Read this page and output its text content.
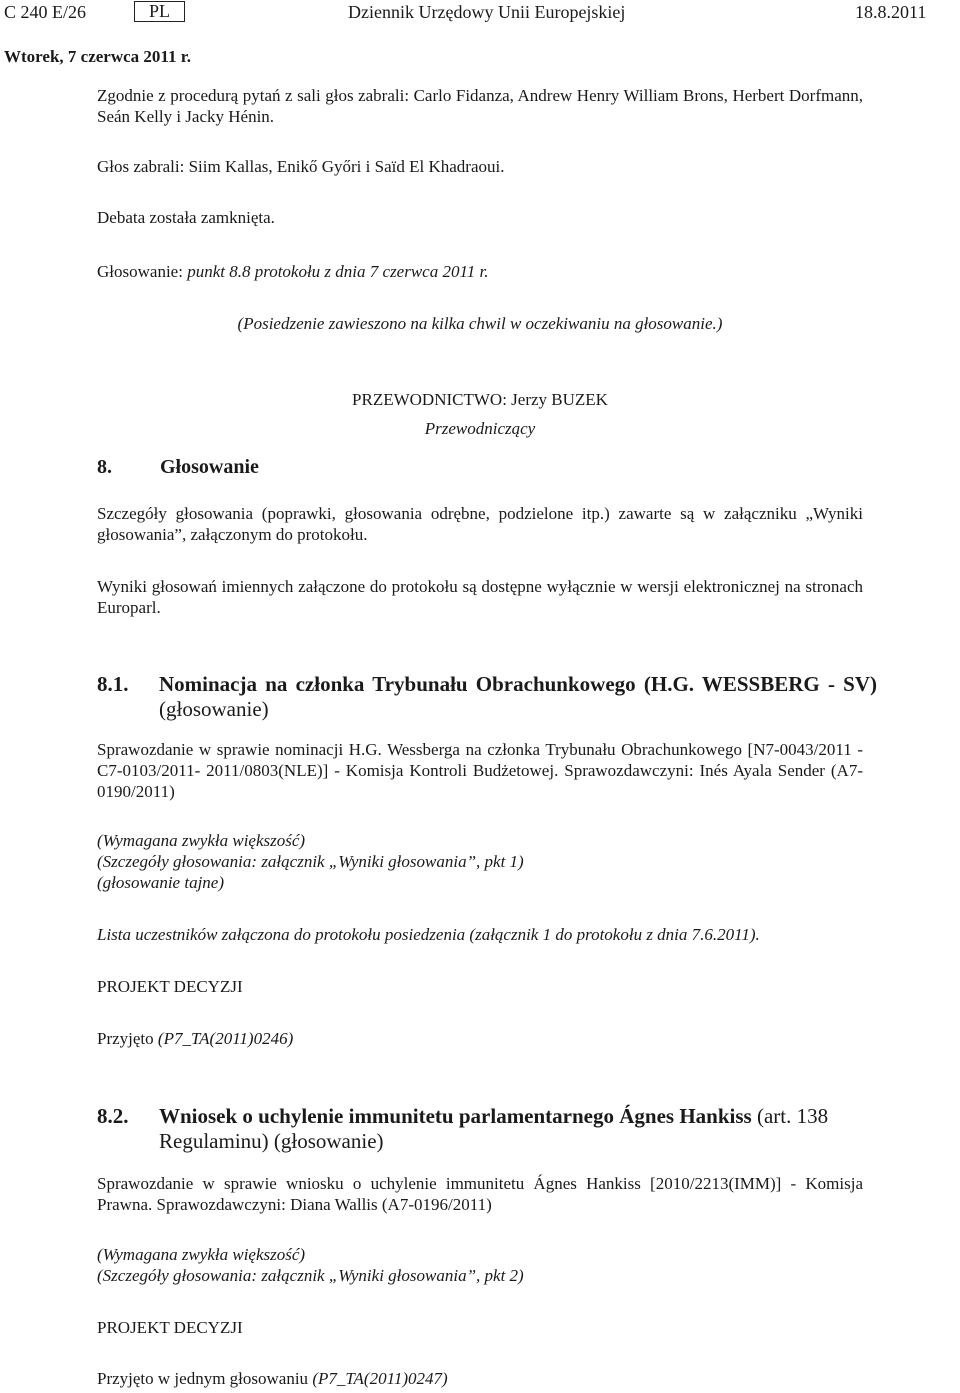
C 240 E/26	PL	Dziennik Urzędowy Unii Europejskiej	18.8.2011
Wtorek, 7 czerwca 2011 r.
Zgodnie z procedurą pytań z sali głos zabrali: Carlo Fidanza, Andrew Henry William Brons, Herbert Dorfmann, Seán Kelly i Jacky Hénin.
Głos zabrali: Siim Kallas, Enikő Győri i Saïd El Khadraoui.
Debata została zamknięta.
Głosowanie: punkt 8.8 protokołu z dnia 7 czerwca 2011 r.
(Posiedzenie zawieszono na kilka chwil w oczekiwaniu na głosowanie.)
PRZEWODNICTWO: Jerzy BUZEK
Przewodniczący
8. Głosowanie
Szczegóły głosowania (poprawki, głosowania odrębne, podzielone itp.) zawarte są w załączniku „Wyniki głosowania”, załączonym do protokołu.
Wyniki głosowań imiennych załączone do protokołu są dostępne wyłącznie w wersji elektronicznej na stronach Europarl.
8.1. Nominacja na członka Trybunału Obrachunkowego (H.G. WESSBERG - SV) (głosowanie)
Sprawozdanie w sprawie nominacji H.G. Wessberga na członka Trybunału Obrachunkowego [N7-0043/2011 - C7-0103/2011- 2011/0803(NLE)] - Komisja Kontroli Budżetowej. Sprawozdawczyni: Inés Ayala Sender (A7-0190/2011)
(Wymagana zwykła większość)
(Szczegóły głosowania: załącznik „Wyniki głosowania”, pkt 1)
(głosowanie tajne)
Lista uczestników załączona do protokołu posiedzenia (załącznik 1 do protokołu z dnia 7.6.2011).
PROJEKT DECYZJI
Przyjęto (P7_TA(2011)0246)
8.2. Wniosek o uchylenie immunitetu parlamentarnego Ágnes Hankiss (art. 138 Regulaminu) (głosowanie)
Sprawozdanie w sprawie wniosku o uchylenie immunitetu Ágnes Hankiss [2010/2213(IMM)] - Komisja Prawna. Sprawozdawczyni: Diana Wallis (A7-0196/2011)
(Wymagana zwykła większość)
(Szczegóły głosowania: załącznik „Wyniki głosowania”, pkt 2)
PROJEKT DECYZJI
Przyjęto w jednym głosowaniu (P7_TA(2011)0247)
